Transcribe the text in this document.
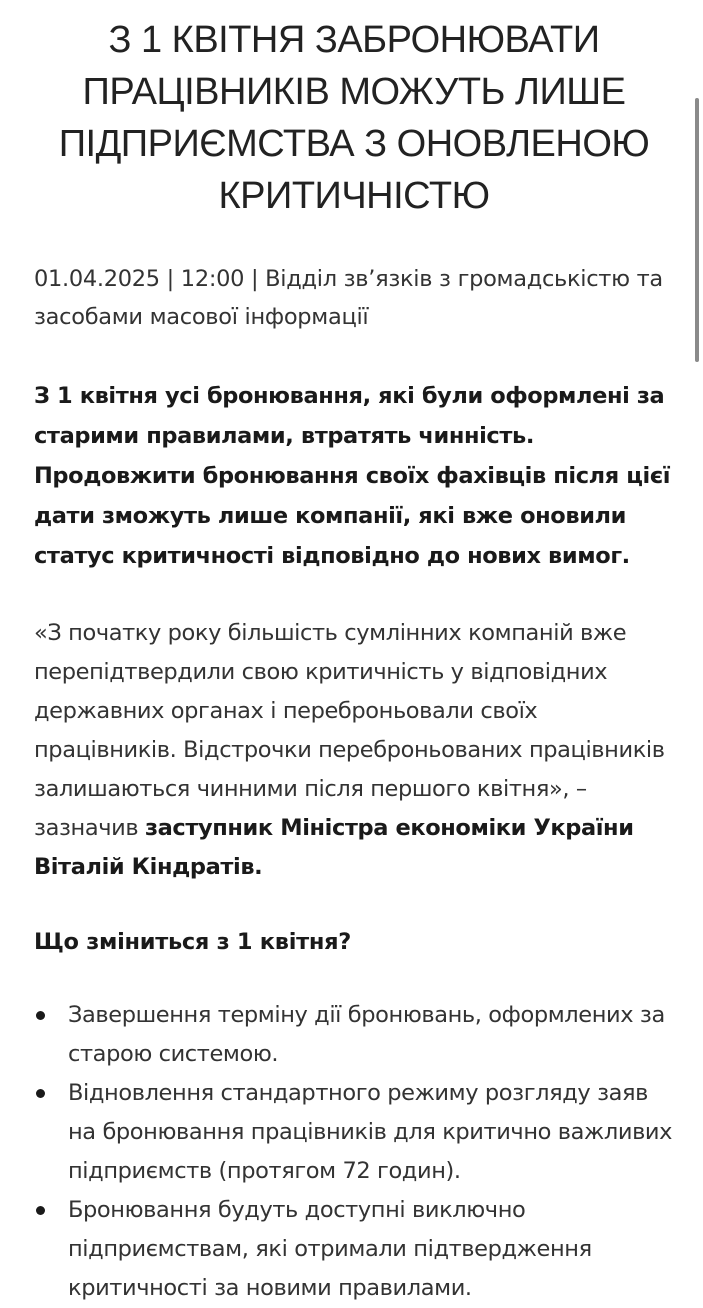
З 1 КВІТНЯ ЗАБРОНЮВАТИ ПРАЦІВНИКІВ МОЖУТЬ ЛИШЕ ПІДПРИЄМСТВА З ОНОВЛЕНОЮ КРИТИЧНІСТЮ

01.04.2025 | 12:00 | Відділ зв’язків з громадськістю та засобами масової інформації

З 1 квітня усі бронювання, які були оформлені за старими правилами, втратять чинність. Продовжити бронювання своїх фахівців після цієї дати зможуть лише компанії, які вже оновили статус критичності відповідно до нових вимог.

«З початку року більшість сумлінних компаній вже перепідтвердили свою критичність у відповідних державних органах і переброньовали своїх працівників. Відстрочки переброньованих працівників залишаються чинними після першого квітня», – зазначив заступник Міністра економіки України Віталій Кіндратів.

Що зміниться з 1 квітня?

Завершення терміну дії бронювань, оформлених за старою системою.
Відновлення стандартного режиму розгляду заяв на бронювання працівників для критично важливих підприємств (протягом 72 годин).
Бронювання будуть доступні виключно підприємствам, які отримали підтвердження критичності за новими правилами.
